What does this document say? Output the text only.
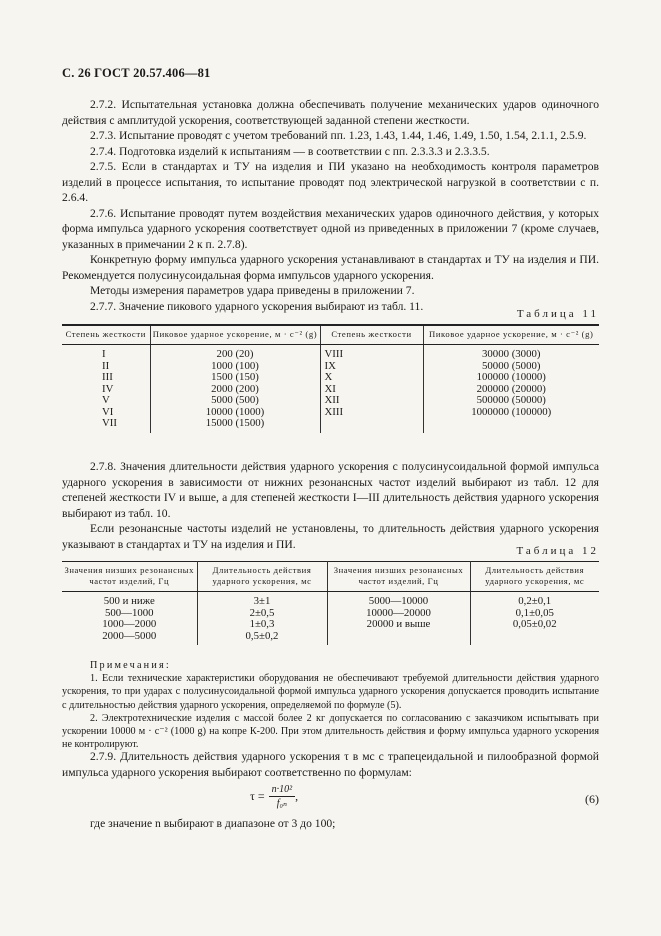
С. 26 ГОСТ 20.57.406—81

2.7.2. Испытательная установка должна обеспечивать получение механических ударов одиночного действия с амплитудой ускорения, соответствующей заданной степени жесткости.

2.7.3. Испытание проводят с учетом требований пп. 1.23, 1.43, 1.44, 1.46, 1.49, 1.50, 1.54, 2.1.1, 2.5.9.

2.7.4. Подготовка изделий к испытаниям — в соответствии с пп. 2.3.3.3 и 2.3.3.5.

2.7.5. Если в стандартах и ТУ на изделия и ПИ указано на необходимость контроля параметров изделий в процессе испытания, то испытание проводят под электрической нагрузкой в соответствии с п. 2.6.4.

2.7.6. Испытание проводят путем воздействия механических ударов одиночного действия, у которых форма импульса ударного ускорения соответствует одной из приведенных в приложении 7 (кроме случаев, указанных в примечании 2 к п. 2.7.8).

Конкретную форму импульса ударного ускорения устанавливают в стандартах и ТУ на изделия и ПИ. Рекомендуется полусинусоидальная форма импульсов ударного ускорения.

Методы измерения параметров удара приведены в приложении 7.

2.7.7. Значение пикового ударного ускорения выбирают из табл. 11.

Таблица 11
Степень жесткости	Пиковое ударное ускорение, м · с⁻² (g)	Степень жесткости	Пиковое ударное ускорение, м · с⁻² (g)
I	200 (20)	VIII	30000 (3000)
II	1000 (100)	IX	50000 (5000)
III	1500 (150)	X	100000 (10000)
IV	2000 (200)	XI	200000 (20000)
V	5000 (500)	XII	500000 (50000)
VI	10000 (1000)	XIII	1000000 (100000)
VII	15000 (1500)		

2.7.8. Значения длительности действия ударного ускорения с полусинусоидальной формой импульса ударного ускорения в зависимости от нижних резонансных частот изделий выбирают из табл. 12 для степеней жесткости IV и выше, а для степеней жесткости I—III длительность действия ударного ускорения выбирают из табл. 10.

Если резонансные частоты изделий не установлены, то длительность действия ударного ускорения указывают в стандартах и ТУ на изделия и ПИ.

Таблица 12
Значения низших резонансных частот изделий, Гц	Длительность действия ударного ускорения, мс	Значения низших резонансных частот изделий, Гц	Длительность действия ударного ускорения, мс
500 и ниже	3±1	5000—10000	0,2±0,1
500—1000	2±0,5	10000—20000	0,1±0,05
1000—2000	1±0,3	20000 и выше	0,05±0,02
2000—5000	0,5±0,2		

Примечания:

1. Если технические характеристики оборудования не обеспечивают требуемой длительности действия ударного ускорения, то при ударах с полусинусоидальной формой импульса ударного ускорения допускается проводить испытание с длительностью действия ударного ускорения, определяемой по формуле (5).

2. Электротехнические изделия с массой более 2 кг допускается по согласованию с заказчиком испытывать при ускорении 10000 м · с⁻² (1000 g) на копре К-200. При этом длительность действия и форму импульса ударного ускорения не контролируют.

2.7.9. Длительность действия ударного ускорения τ в мс с трапецеидальной и пилообразной формой импульса ударного ускорения выбирают соответственно по формулам:

$\tau = \frac{\text{n·10²}}{\text{f₀ₙ}}$ ,	(6)

где значение n выбирают в диапазоне от 3 до 100;
